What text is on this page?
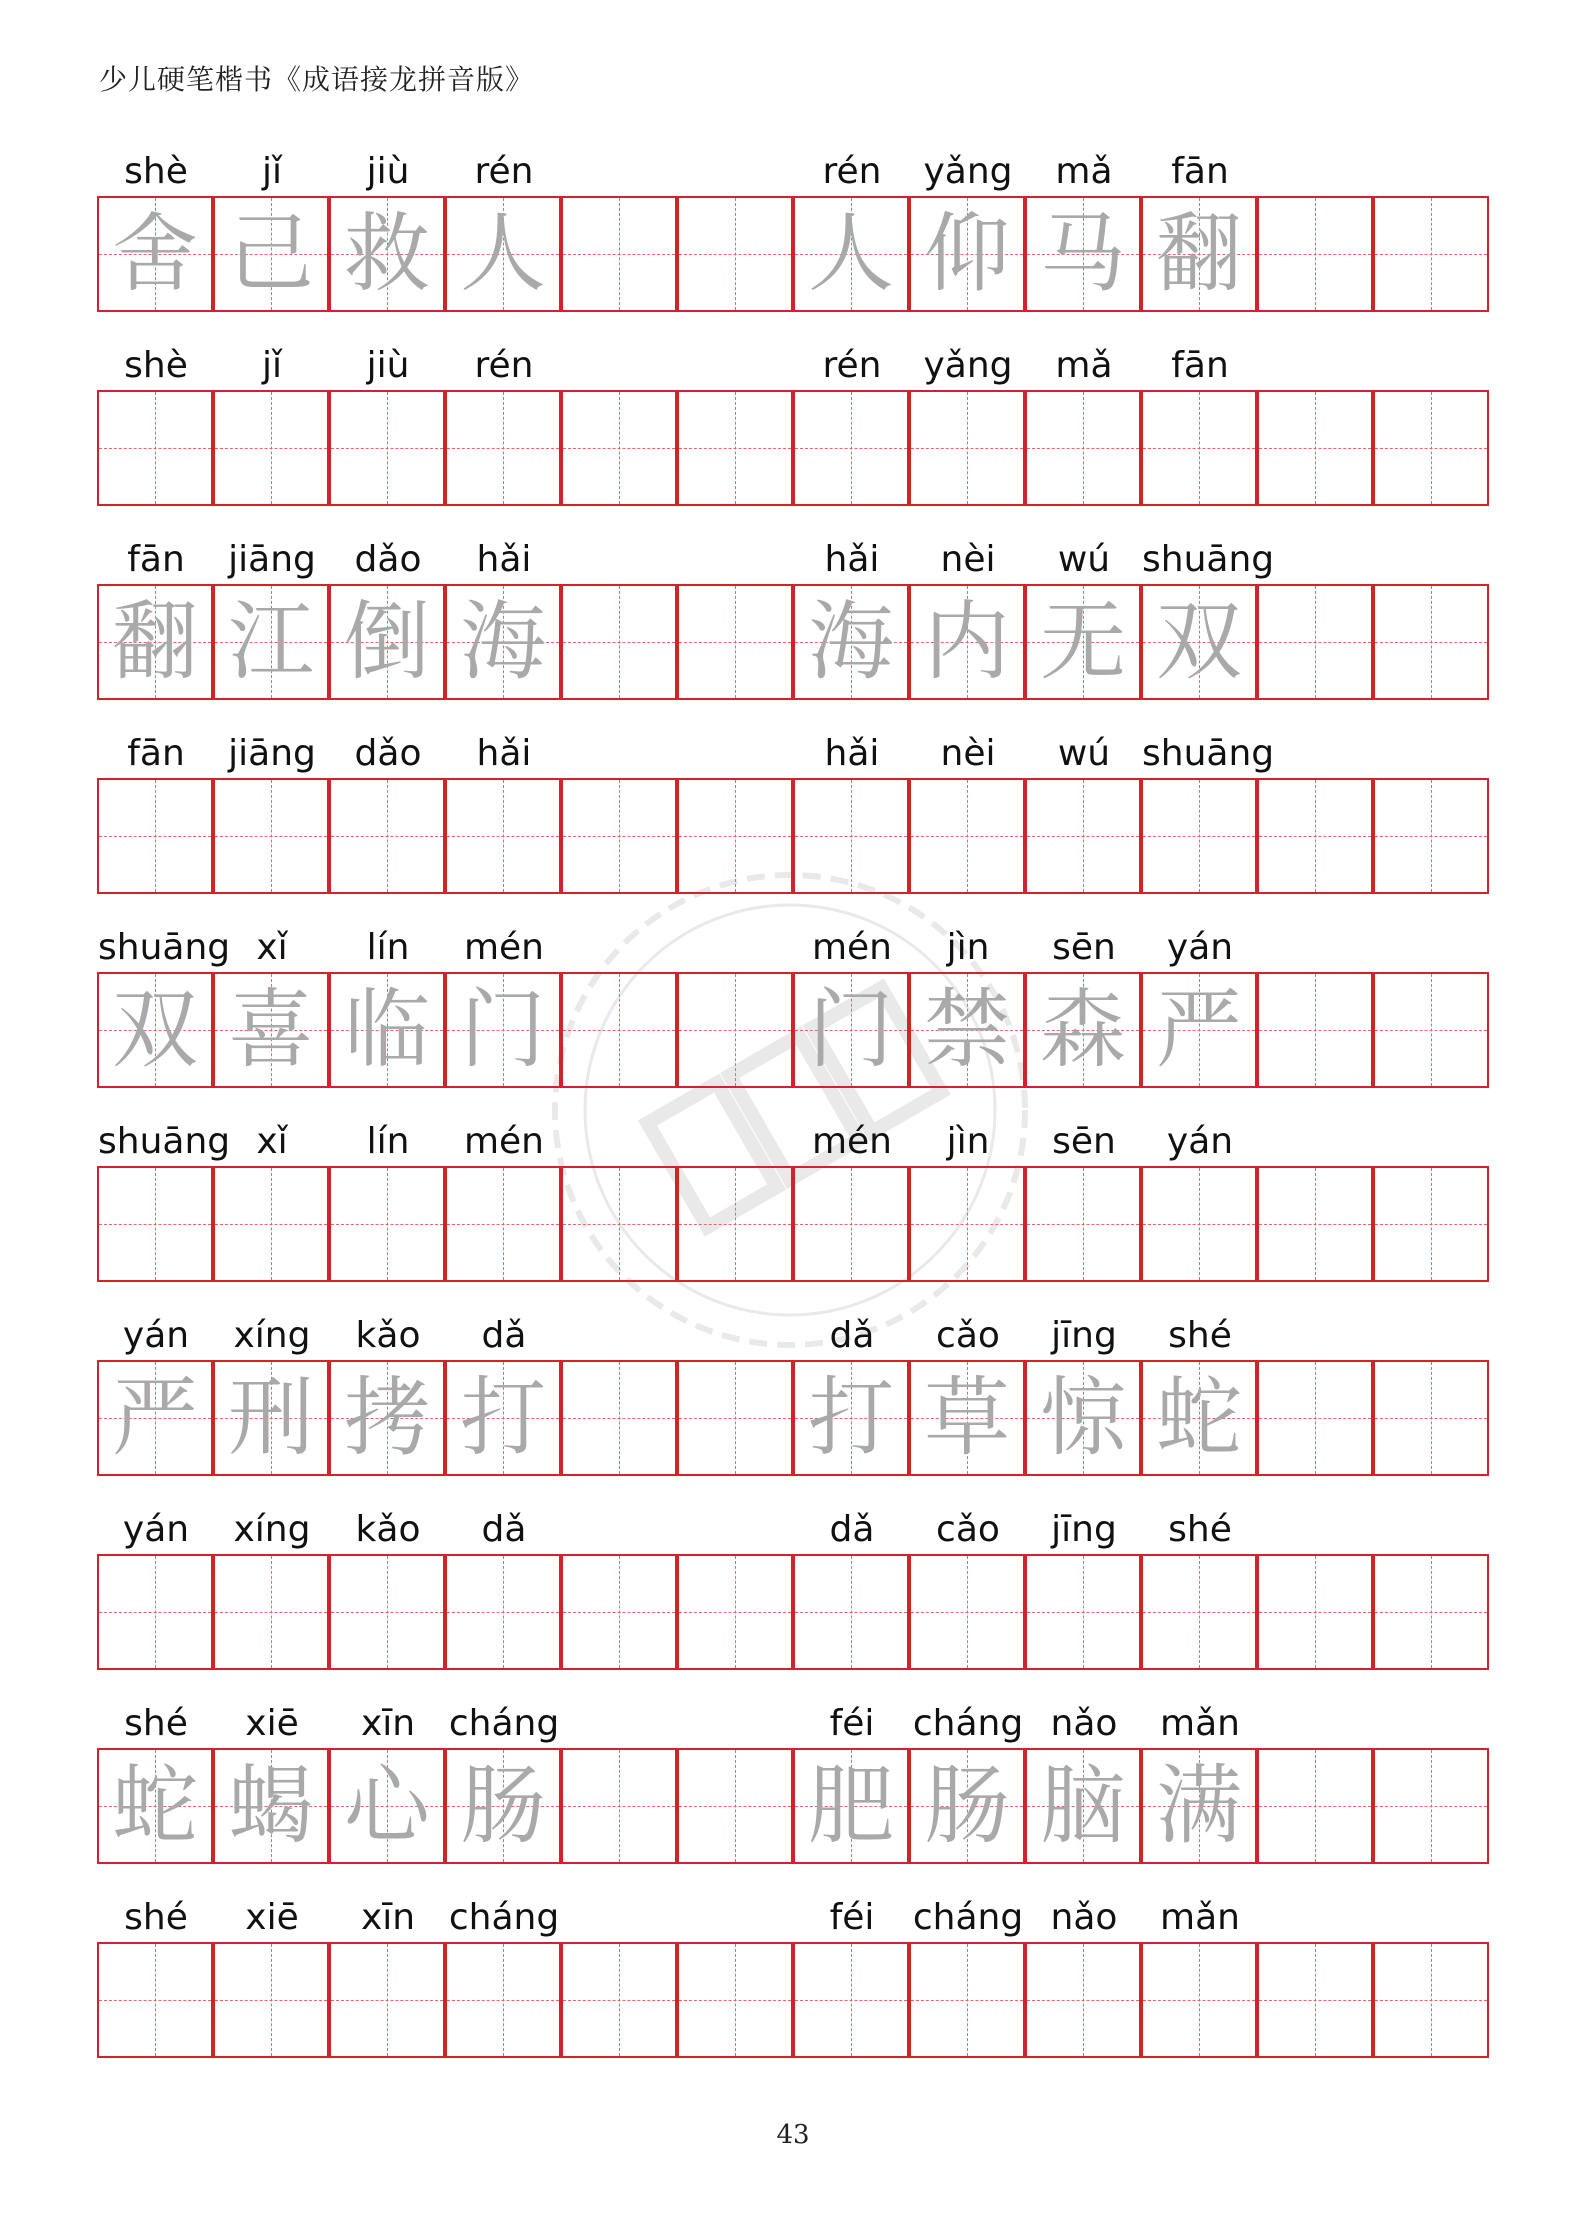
少儿硬笔楷书《成语接龙拼音版》
shè	jǐ	jiù	rén	rén	yǎng	mǎ	fān
舍 己 救 人	人 仰 马 翻
shè	jǐ	jiù	rén	rén	yǎng	mǎ	fān
fān	jiāng	dǎo	hǎi	hǎi	nèi	wú shuāng
翻 江 倒 海	海 内 无 双
fān	jiāng	dǎo	hǎi	hǎi	nèi	wú shuāng
shuāng xǐ	lín	mén	mén	jìn	sēn	yán
双 喜 临 门	门 禁 森 严
shuāng xǐ	lín	mén	mén	jìn	sēn	yán
yán	xíng	kǎo	dǎ	dǎ	cǎo	jīng	shé
严 刑 拷 打	打 草 惊 蛇
yán	xíng	kǎo	dǎ	dǎ	cǎo	jīng	shé
shé	xiē	xīn cháng	féi	cháng nǎo	mǎn
蛇 蝎 心 肠	肥 肠 脑 满
shé	xiē	xīn cháng	féi	cháng nǎo	mǎn
43
